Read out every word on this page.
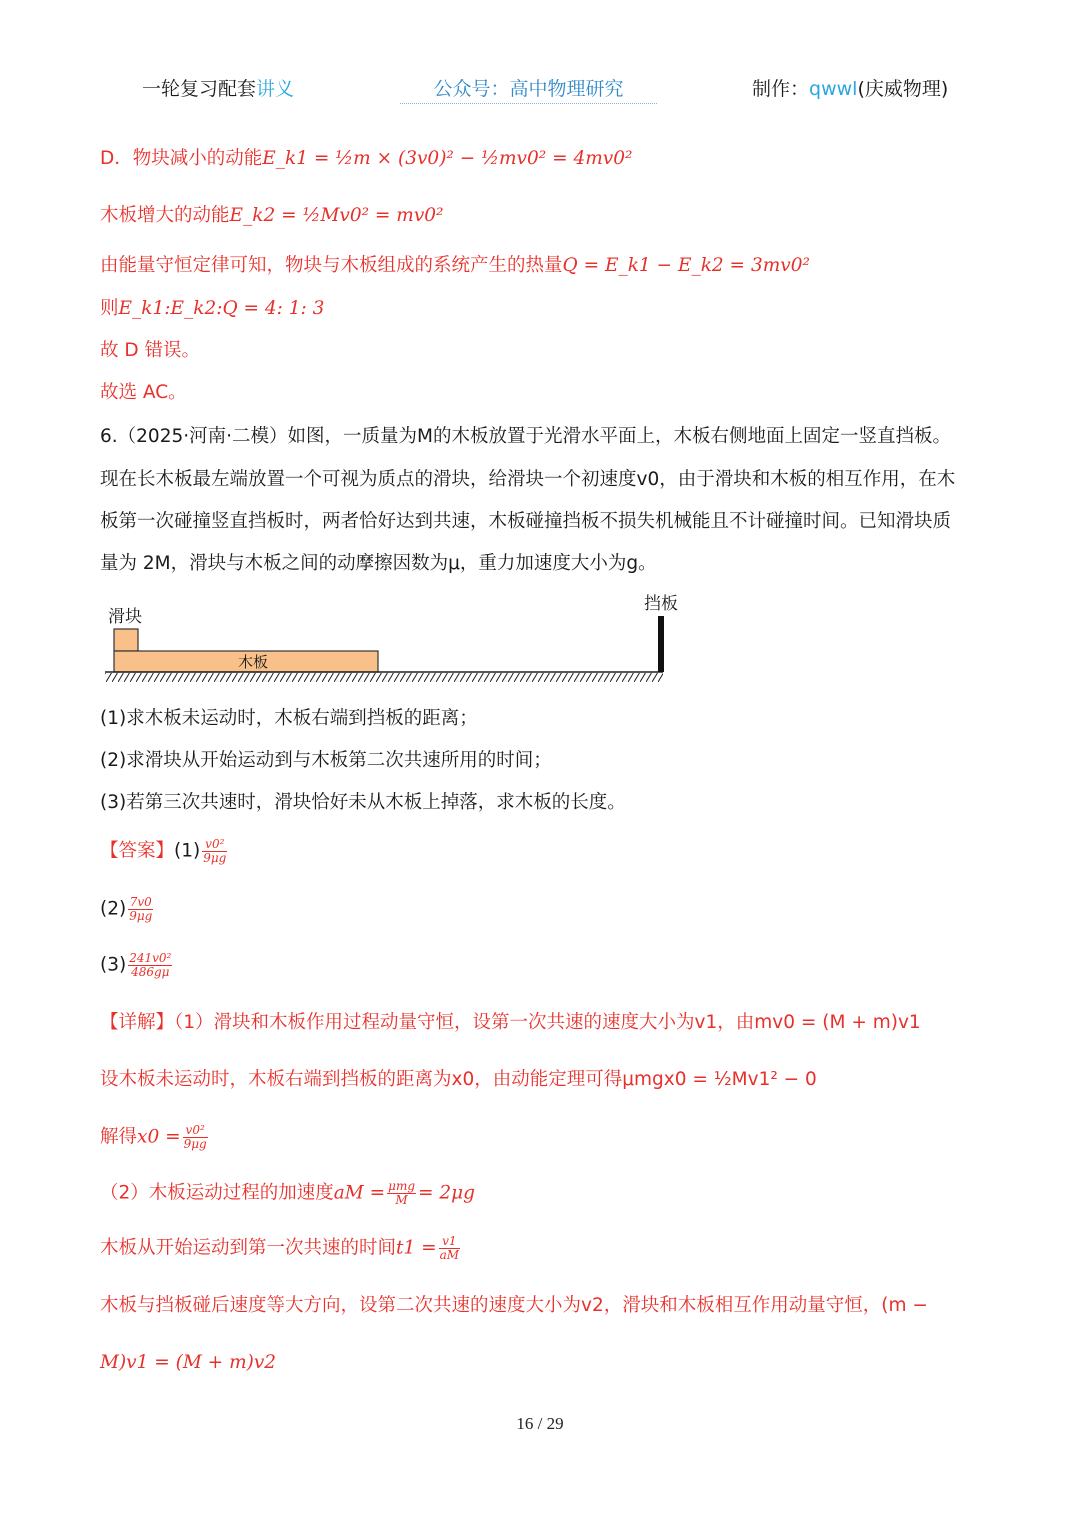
一轮复习配套讲义	公众号：高中物理研究	制作：qwwl(庆威物理)
D．物块减小的动能E_k1 = ½m × (3v0)² − ½mv0² = 4mv0²
木板增大的动能E_k2 = ½Mv0² = mv0²
由能量守恒定律可知，物块与木板组成的系统产生的热量Q = E_k1 − E_k2 = 3mv0²
则E_k1:E_k2:Q = 4: 1: 3
故 D 错误。
故选 AC。
6.（2025·河南·二模）如图，一质量为M的木板放置于光滑水平面上，木板右侧地面上固定一竖直挡板。
现在长木板最左端放置一个可视为质点的滑块，给滑块一个初速度v0，由于滑块和木板的相互作用，在木
板第一次碰撞竖直挡板时，两者恰好达到共速，木板碰撞挡板不损失机械能且不计碰撞时间。已知滑块质
量为 2M，滑块与木板之间的动摩擦因数为μ，重力加速度大小为g。
滑块
木板
挡板
(1)求木板未运动时，木板右端到挡板的距离；
(2)求滑块从开始运动到与木板第二次共速所用的时间；
(3)若第三次共速时，滑块恰好未从木板上掉落，求木板的长度。
【答案】$(1) \frac{\text{v0²}}{9\mu g}$
$(2) \frac{7v0}{9\mu g}$
$(3) \frac{\text{241v0²}}{486g\mu}$
【详解】（1）滑块和木板作用过程动量守恒，设第一次共速的速度大小为v1，由mv0 = (M + m)v1
设木板未运动时，木板右端到挡板的距离为x0，由动能定理可得μmgx0 = ½Mv1² − 0
解得$x0 = \frac{\text{v0²}}{9\mu g}$
（2）木板运动过程的加速度aM = $\frac{\text{μmg}}{M} = 2\mu g$
木板从开始运动到第一次共速的时间$t1 = \frac{v1}{aM}$
木板与挡板碰后速度等大方向，设第二次共速的速度大小为v2，滑块和木板相互作用动量守恒，(m −
M)v1 = (M + m)v2
16 / 29
